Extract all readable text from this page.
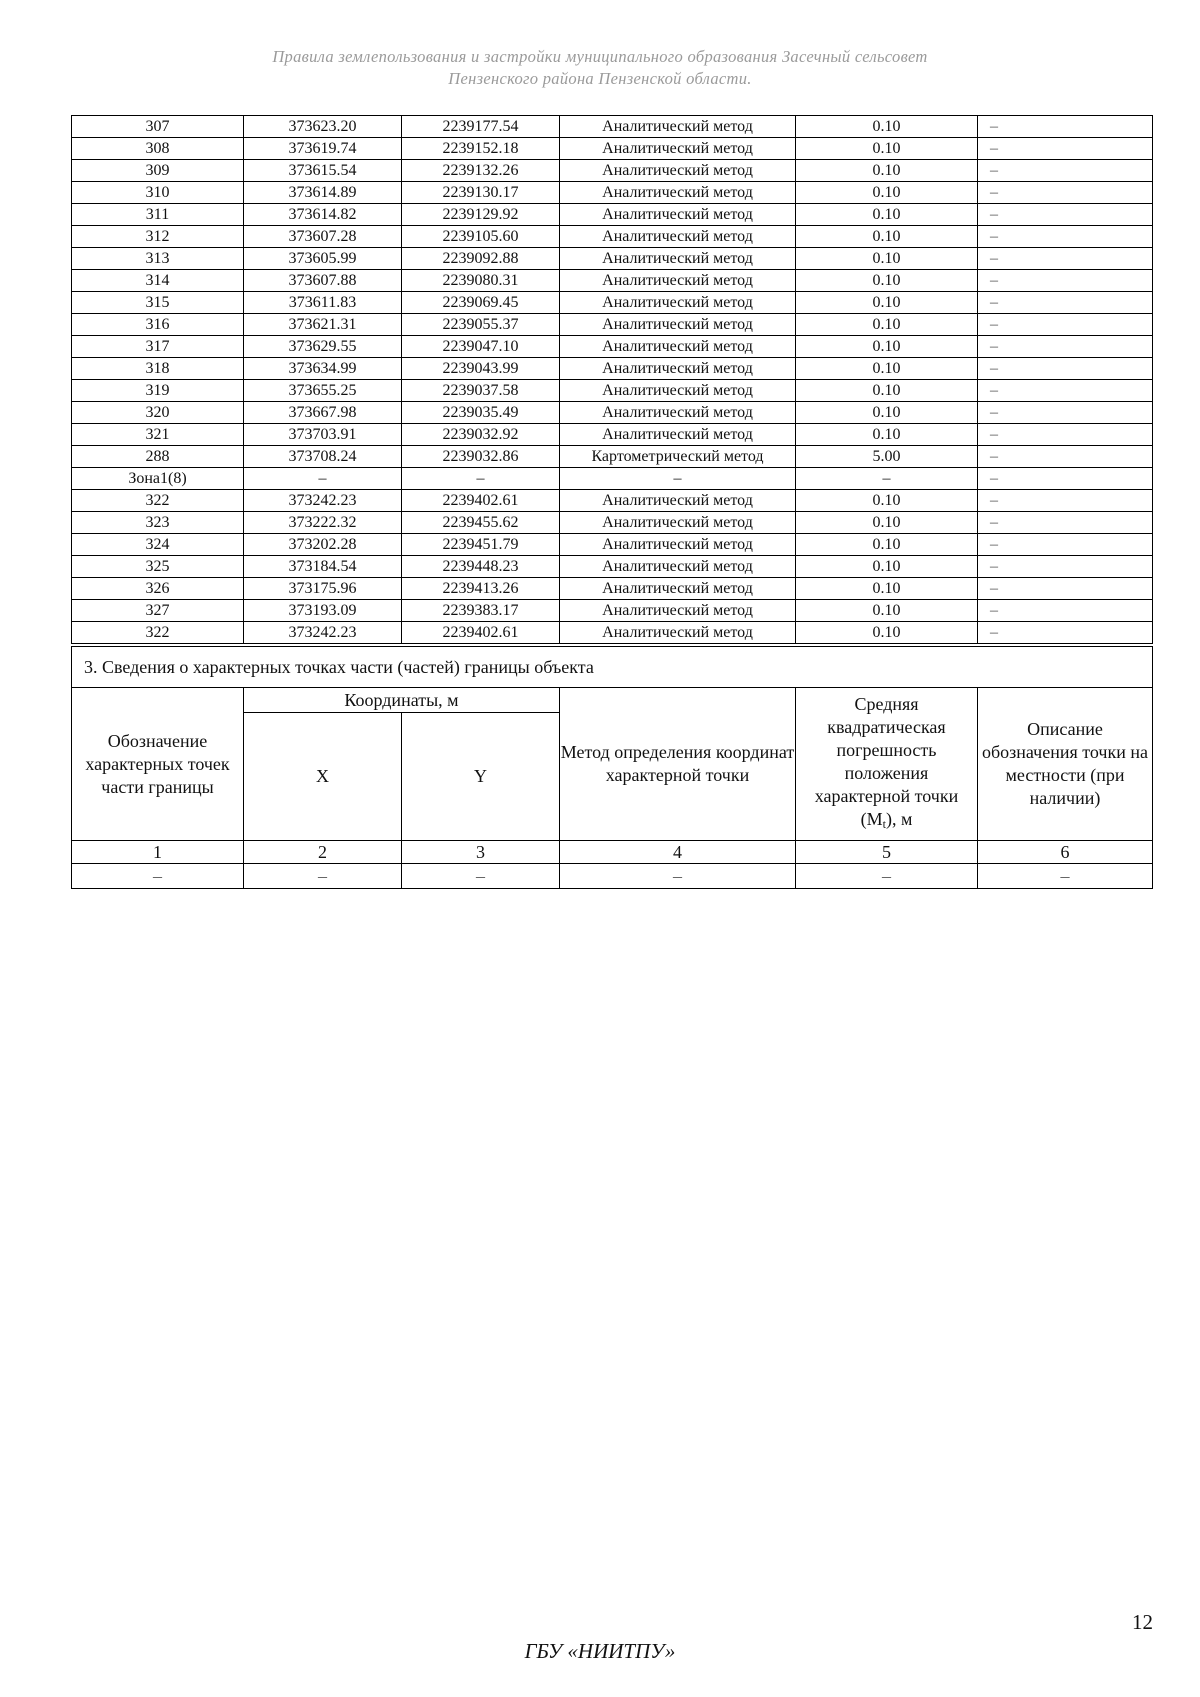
Правила землепользования и застройки муниципального образования Засечный сельсовет
Пензенского района Пензенской области.
307	373623.20	2239177.54	Аналитический метод	0.10	–
308	373619.74	2239152.18	Аналитический метод	0.10	–
309	373615.54	2239132.26	Аналитический метод	0.10	–
310	373614.89	2239130.17	Аналитический метод	0.10	–
311	373614.82	2239129.92	Аналитический метод	0.10	–
312	373607.28	2239105.60	Аналитический метод	0.10	–
313	373605.99	2239092.88	Аналитический метод	0.10	–
314	373607.88	2239080.31	Аналитический метод	0.10	–
315	373611.83	2239069.45	Аналитический метод	0.10	–
316	373621.31	2239055.37	Аналитический метод	0.10	–
317	373629.55	2239047.10	Аналитический метод	0.10	–
318	373634.99	2239043.99	Аналитический метод	0.10	–
319	373655.25	2239037.58	Аналитический метод	0.10	–
320	373667.98	2239035.49	Аналитический метод	0.10	–
321	373703.91	2239032.92	Аналитический метод	0.10	–
288	373708.24	2239032.86	Картометрический метод	5.00	–
Зона1(8)	–	–	–	–	–
322	373242.23	2239402.61	Аналитический метод	0.10	–
323	373222.32	2239455.62	Аналитический метод	0.10	–
324	373202.28	2239451.79	Аналитический метод	0.10	–
325	373184.54	2239448.23	Аналитический метод	0.10	–
326	373175.96	2239413.26	Аналитический метод	0.10	–
327	373193.09	2239383.17	Аналитический метод	0.10	–
322	373242.23	2239402.61	Аналитический метод	0.10	–
3. Сведения о характерных точках части (частей) границы объекта					
Обозначение характерных точек части границы	Координаты, м		Метод определения координат характерной точки	Средняя квадратическая погрешность положения характерной точки $(M_t)$, м	Описание обозначения точки на местности (при наличии)
	X	Y			
1	2	3	4	5	6
–	–	–	–	–	–
12
ГБУ «НИИТПУ»
